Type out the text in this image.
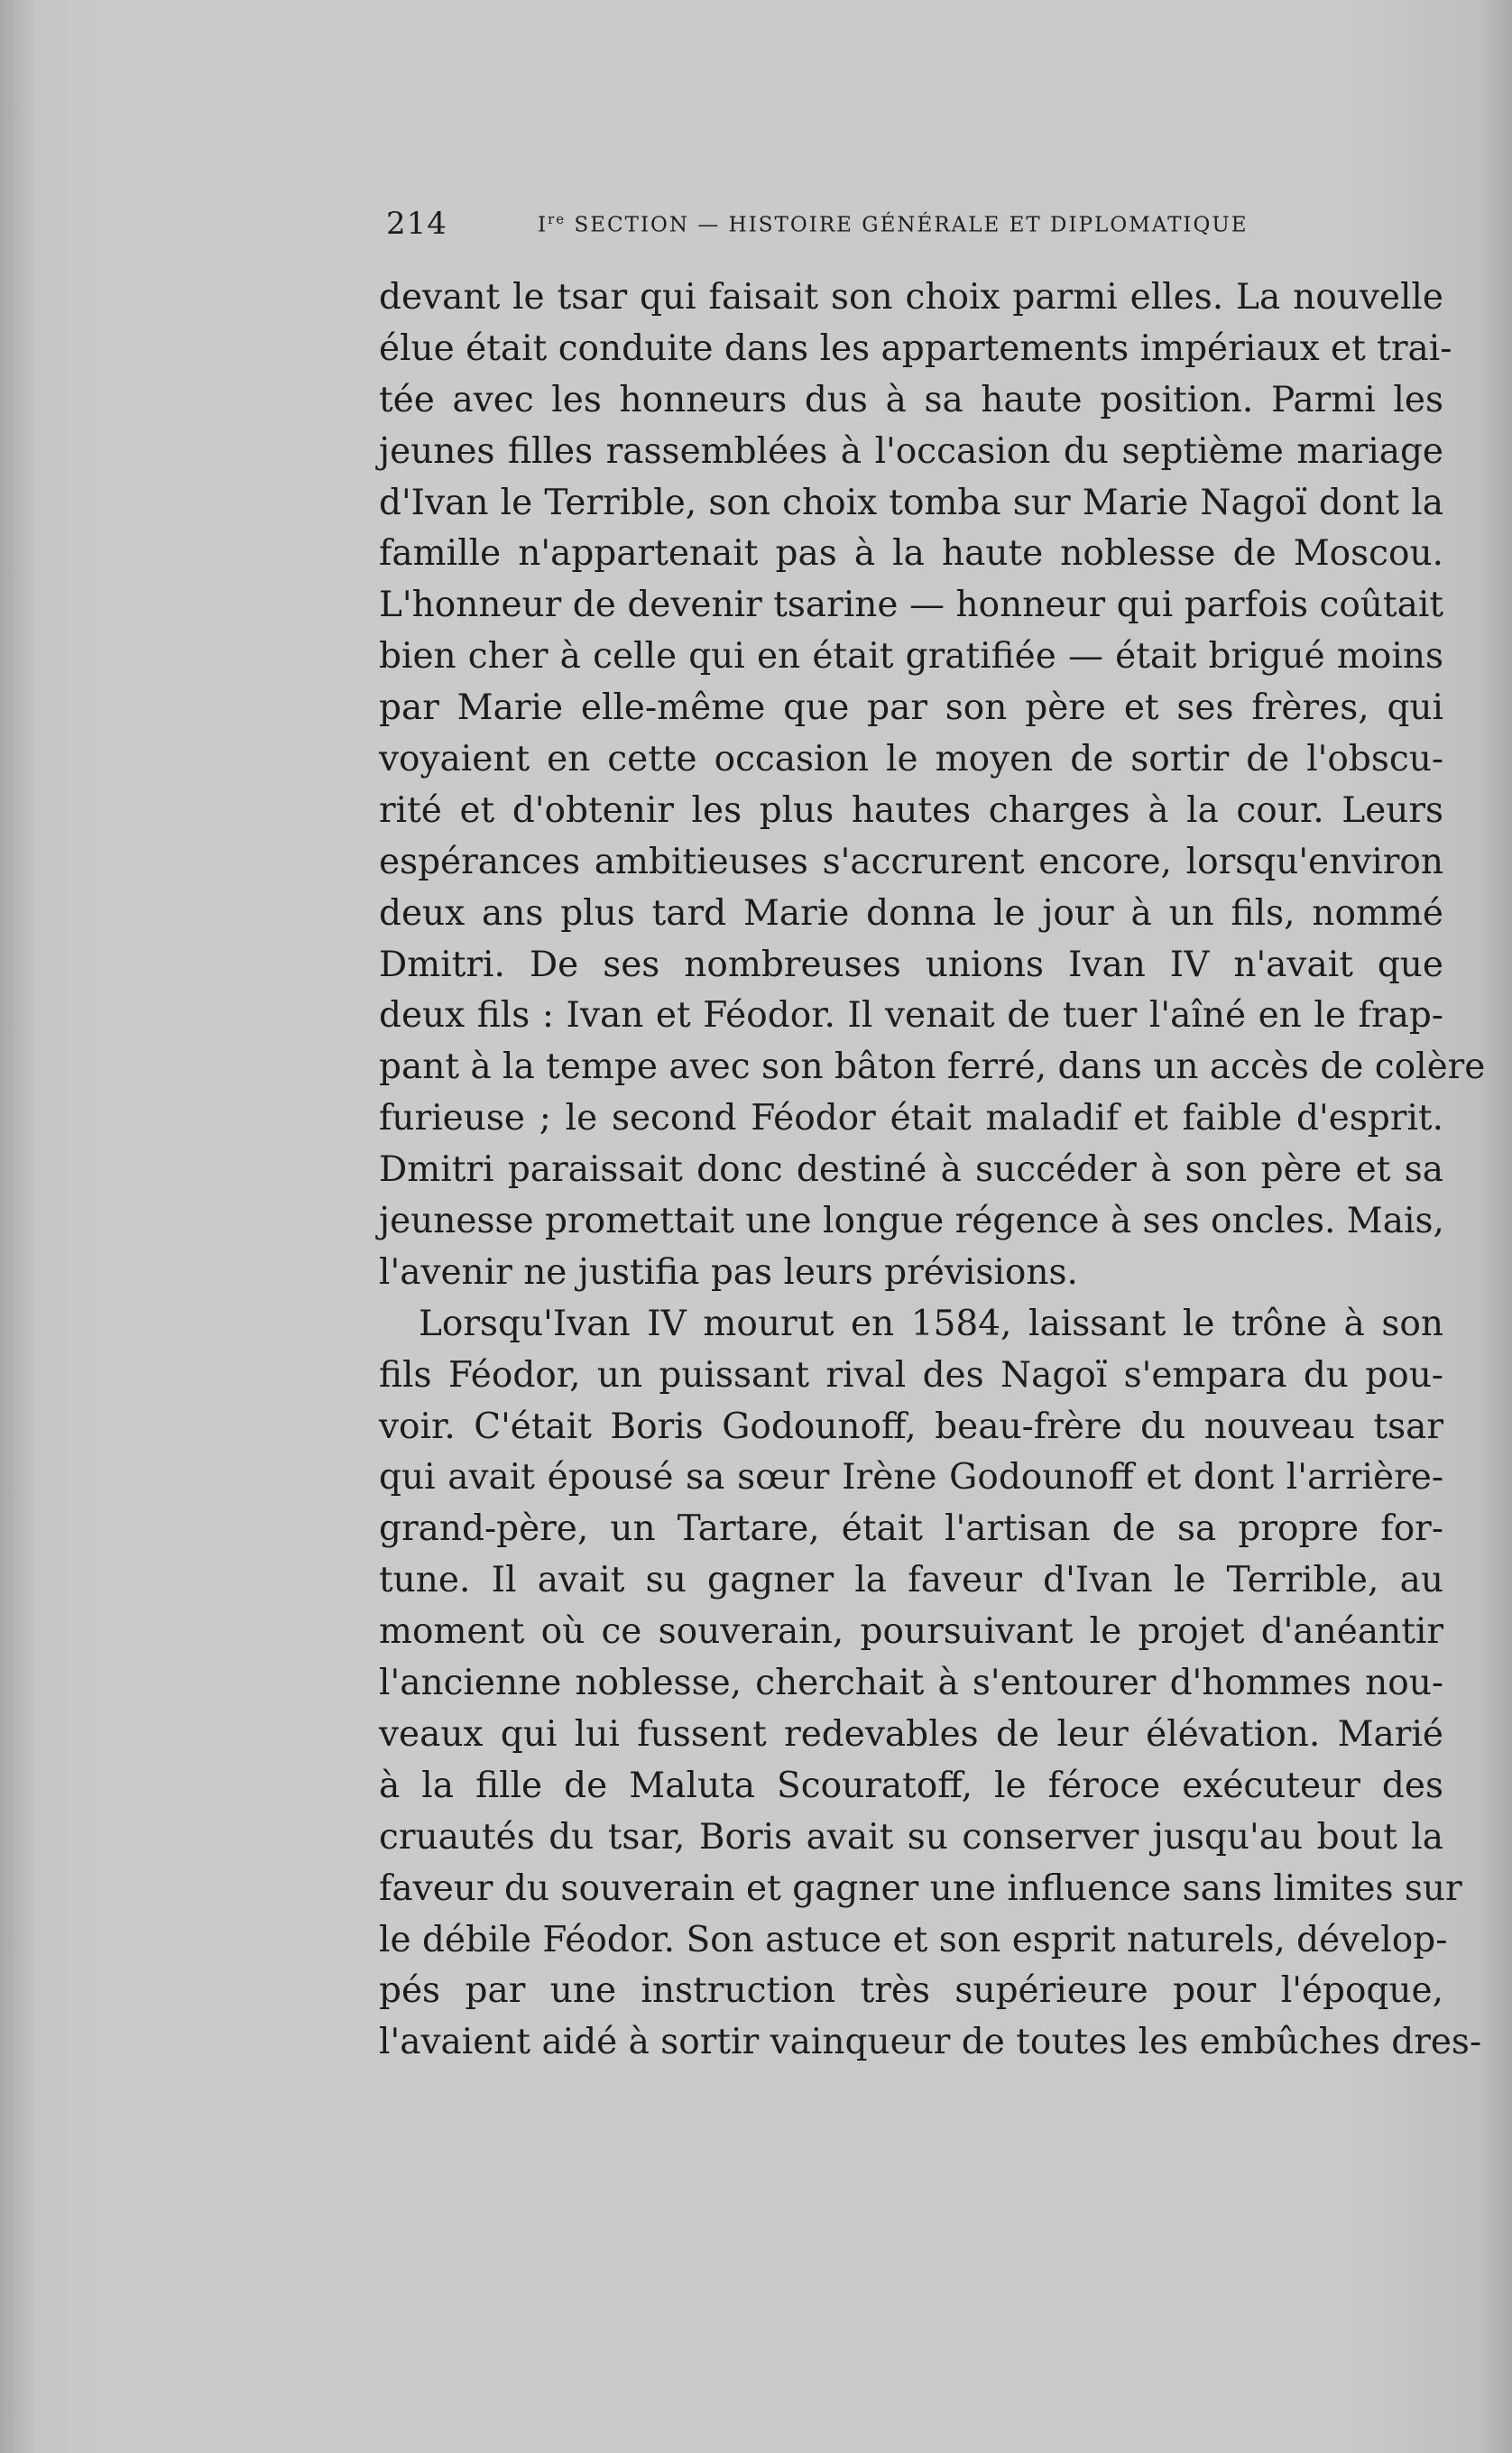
214	Ire SECTION — HISTOIRE GÉNÉRALE ET DIPLOMATIQUE
devant le tsar qui faisait son choix parmi elles. La nouvelle
élue était conduite dans les appartements impériaux et trai-
tée avec les honneurs dus à sa haute position. Parmi les
jeunes filles rassemblées à l'occasion du septième mariage
d'Ivan le Terrible, son choix tomba sur Marie Nagoï dont la
famille n'appartenait pas à la haute noblesse de Moscou.
L'honneur de devenir tsarine — honneur qui parfois coûtait
bien cher à celle qui en était gratifiée — était brigué moins
par Marie elle-même que par son père et ses frères, qui
voyaient en cette occasion le moyen de sortir de l'obscu-
rité et d'obtenir les plus hautes charges à la cour. Leurs
espérances ambitieuses s'accrurent encore, lorsqu'environ
deux ans plus tard Marie donna le jour à un fils, nommé
Dmitri. De ses nombreuses unions Ivan IV n'avait que
deux fils : Ivan et Féodor. Il venait de tuer l'aîné en le frap-
pant à la tempe avec son bâton ferré, dans un accès de colère
furieuse ; le second Féodor était maladif et faible d'esprit.
Dmitri paraissait donc destiné à succéder à son père et sa
jeunesse promettait une longue régence à ses oncles. Mais,
l'avenir ne justifia pas leurs prévisions.
Lorsqu'Ivan IV mourut en 1584, laissant le trône à son
fils Féodor, un puissant rival des Nagoï s'empara du pou-
voir. C'était Boris Godounoff, beau-frère du nouveau tsar
qui avait épousé sa sœur Irène Godounoff et dont l'arrière-
grand-père, un Tartare, était l'artisan de sa propre for-
tune. Il avait su gagner la faveur d'Ivan le Terrible, au
moment où ce souverain, poursuivant le projet d'anéantir
l'ancienne noblesse, cherchait à s'entourer d'hommes nou-
veaux qui lui fussent redevables de leur élévation. Marié
à la fille de Maluta Scouratoff, le féroce exécuteur des
cruautés du tsar, Boris avait su conserver jusqu'au bout la
faveur du souverain et gagner une influence sans limites sur
le débile Féodor. Son astuce et son esprit naturels, dévelop-
pés par une instruction très supérieure pour l'époque,
l'avaient aidé à sortir vainqueur de toutes les embûches dres-
